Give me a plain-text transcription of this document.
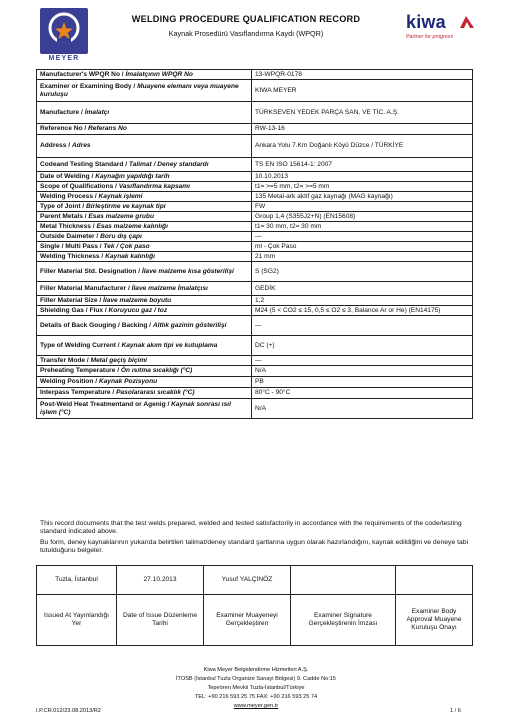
MEYER
WELDING PROCEDURE QUALIFICATION RECORD
Kaynak Prosedürü Vasıflandırma Kaydı (WPQR)
kiwa
Partner for progress
Manufacturer's WPQR No / İmalatçının WPQR No	13-WPQR-0178
Examiner or Examining Body / Muayene elemanı veya muayene kuruluşu	KIWA MEYER
Manufacture / İmalatçı	TÜRKSEVEN YEDEK PARÇA SAN. VE TİC. A.Ş.
Reference No / Referans No	RW-13-16
Address / Adres	Ankara Yolu 7.Km Doğanlı Köyü Düzce / TÜRKİYE
Codeand Testing Standard / Talimat / Deney standardı	TS EN ISO 15614-1: 2007
Date of Welding / Kaynağın yapıldığı tarih	10.10.2013
Scope of Qualifications / Vasıflandırma kapsamı	t1= >=5 mm, t2= >=5 mm
Welding Process / Kaynak işlemi	135 Metal-ark aktif gaz kaynağı (MAG kaynağı)
Type of Joint / Birleştirme ve kaynak tipi	FW
Parent Metals / Esas malzeme grubu	Group 1,4 (S355J2+N) (EN15608)
Metal Thickness / Esas malzeme kalınlığı	t1= 30 mm, t2= 30 mm
Outside Daimeter / Boru dış çapı	—
Single / Multi Pass / Tek / Çok paso	ml - Çok Paso
Welding Thickness / Kaynak kalınlığı	21 mm
Filler Material Std. Designation / İlave malzeme kısa gösterilişi	S (SG2)
Filler Material Manufacturer / İlave malzeme İmalatçısı	GEDİK
Filler Material Size / İlave malzeme boyutu	1,2
Shielding Gas / Flux / Koruyucu gaz / toz	M24 (5 < CO2 ≤ 15, 0,5 ≤ O2 ≤ 3, Balance Ar or He) (EN14175)
Details of Back Gouging / Backing / Altlık gazinin gösterilişi	—
Type of Welding Current / Kaynak akım tipi ve kutuplama	DC (+)
Transfer Mode / Metal geçiş biçimi	—
Preheating Temperature / Ön ısıtma sıcaklığı (°C)	N/A
Welding Position / Kaynak Pozisyonu	PB
Interpass Temperature / Pasolararası sıcaklık (°C)	80°C - 90°C
Post-Weld Heat Treatmentand or Agenig / Kaynak sonrası ısıl işlem (°C)	N/A
This record documents that the test welds prepared, welded and tested satisfactorily in accordance with the requirements of the code/testing standard indicated above.
Bu form, deney kaynaklarının yukarıda belirtilen talimat/deney standard şartlarına uygun olarak hazırlandığını, kaynak edildiğini ve deneye tabi tutulduğunu belgeler.
Tuzla, İstanbul	27.10.2013	Yusuf YALÇINÖZ		
Issued At Yayınlandığı Yer	Date of Issue Düzenleme Tarihi	Examiner Muayeneyi Gerçekleştiren	Examiner Signature Gerçekleştirenin İmzası	Examiner Body Approval Muayene Kuruluşu Onayı
Kiwa Meyer Belgelendirme Hizmetleri A.Ş.
İTOSB (İstanbul Tuzla Organize Sanayi Bölgesi) 9. Cadde No:15
Tepeören Mevkii Tuzla-İstanbul/Türkiye
TEL: +90 216 593 25 75 FAX: +90 216 593 25 74
www.meyer.gen.tr
I.P.CR.012/23.08.2013/R2	1 / 6
